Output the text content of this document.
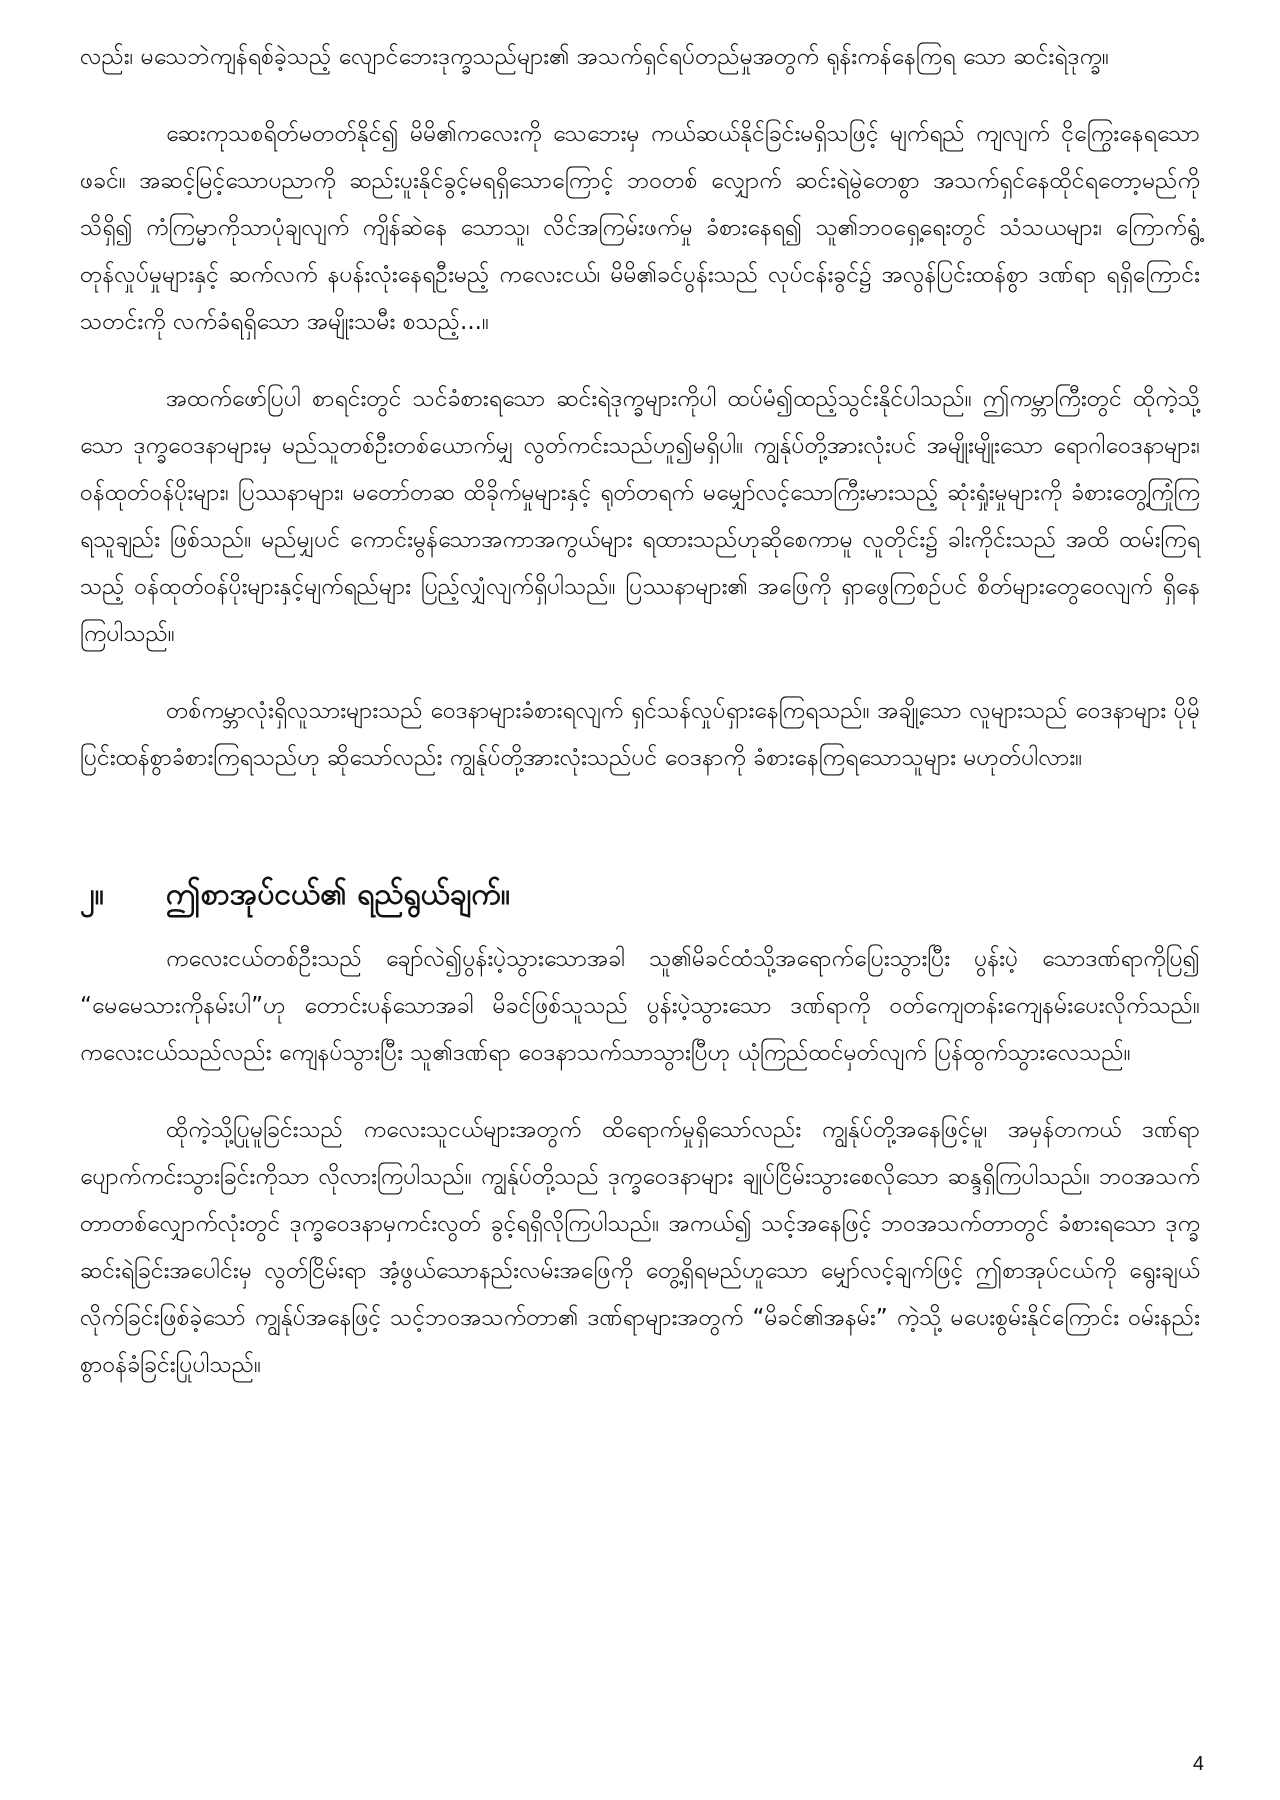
လည်း၊ မသေဘဲကျန်ရစ်ခဲ့သည့် လျောင်ဘေးဒုက္ခသည်များ၏ အသက်ရှင်ရပ်တည်မှုအတွက် ရုန်းကန်နေကြရ သော ဆင်းရဲဒုက္ခ။

ဆေးကုသစရိတ်မတတ်နိုင်၍ မိမိ၏ကလေးကို သေဘေးမှ ကယ်ဆယ်နိုင်ခြင်းမရှိသဖြင့် မျက်ရည် ကျလျက် ငိုကြွေးနေရသောဖခင်။ အဆင့်မြင့်သောပညာကို ဆည်းပူးနိုင်ခွင့်မရရှိသောကြောင့် ဘဝတစ် လျှောက် ဆင်းရဲမွဲတေစွာ အသက်ရှင်နေထိုင်ရတော့မည်ကိုသိရှိ၍ ကံကြမ္မာကိုသာပုံချလျက် ကျိန်ဆဲနေ သောသူ၊ လိင်အကြမ်းဖက်မှု ခံစားနေရ၍ သူ၏ဘဝရှေ့ရေးတွင် သံသယများ၊ ကြောက်ရွံ့တုန်လှုပ်မှုများနှင့် ဆက်လက် နပန်းလုံးနေရဦးမည့် ကလေးငယ်၊ မိမိ၏ခင်ပွန်းသည် လုပ်ငန်းခွင်၌ အလွန်ပြင်းထန်စွာ ဒဏ်ရာ ရရှိကြောင်းသတင်းကို လက်ခံရရှိသော အမျိုးသမီး စသည့်...။

အထက်ဖော်ပြပါ စာရင်းတွင် သင်ခံစားရသော ဆင်းရဲဒုက္ခများကိုပါ ထပ်မံ၍ထည့်သွင်းနိုင်ပါသည်။ ဤကမ္ဘာကြီးတွင် ထိုကဲ့သို့သော ဒုက္ခဝေဒနာများမှ မည်သူတစ်ဦးတစ်ယောက်မျှ လွတ်ကင်းသည်ဟူ၍မရှိပါ။ ကျွန်ုပ်တို့အားလုံးပင် အမျိုးမျိုးသော ရောဂါဝေဒနာများ၊ ဝန်ထုတ်ဝန်ပိုးများ၊ ပြဿနာများ၊ မတော်တဆ ထိခိုက်မှုများနှင့် ရုတ်တရက် မမျှော်လင့်သောကြီးမားသည့် ဆုံးရှုံးမှုများကို ခံစားတွေ့ကြုံကြရသူချည်း ဖြစ်သည်။ မည်မျှပင် ကောင်းမွန်သောအကာအကွယ်များ ရထားသည်ဟုဆိုစေကာမူ လူတိုင်း၌ ခါးကိုင်းသည် အထိ ထမ်းကြရသည့် ဝန်ထုတ်ဝန်ပိုးများနှင့်မျက်ရည်များ ပြည့်လျှံလျက်ရှိပါသည်။ ပြဿနာများ၏ အဖြေကို ရှာဖွေကြစဉ်ပင် စိတ်များတွေဝေလျက် ရှိနေကြပါသည်။

တစ်ကမ္ဘာလုံးရှိလူသားများသည် ဝေဒနာများခံစားရလျက် ရှင်သန်လှုပ်ရှားနေကြရသည်။ အချို့သော လူများသည် ဝေဒနာများ ပိုမိုပြင်းထန်စွာခံစားကြရသည်ဟု ဆိုသော်လည်း ကျွန်ုပ်တို့အားလုံးသည်ပင် ဝေဒနာကို ခံစားနေကြရသောသူများ မဟုတ်ပါလား။

၂။	ဤစာအုပ်ငယ်၏ ရည်ရွယ်ချက်။

ကလေးငယ်တစ်ဦးသည် ချော်လဲ၍ပွန်းပဲ့သွားသောအခါ သူ၏မိခင်ထံသို့အရောက်ပြေးသွားပြီး ပွန်းပဲ့ သောဒဏ်ရာကိုပြ၍ “မေမေသားကိုနမ်းပါ”ဟု တောင်းပန်သောအခါ မိခင်ဖြစ်သူသည် ပွန်းပဲ့သွားသော ဒဏ်ရာကို ဝတ်ကျေတန်းကျေနမ်းပေးလိုက်သည်။ ကလေးငယ်သည်လည်း ကျေနပ်သွားပြီး သူ၏ဒဏ်ရာ ဝေဒနာသက်သာသွားပြီဟု ယုံကြည်ထင်မှတ်လျက် ပြန်ထွက်သွားလေသည်။

ထိုကဲ့သို့ပြုမူခြင်းသည် ကလေးသူငယ်များအတွက် ထိရောက်မှုရှိသော်လည်း ကျွန်ုပ်တို့အနေဖြင့်မူ၊ အမှန်တကယ် ဒဏ်ရာပျောက်ကင်းသွားခြင်းကိုသာ လိုလားကြပါသည်။ ကျွန်ုပ်တို့သည် ဒုက္ခဝေဒနာများ ချုပ်ငြိမ်းသွားစေလိုသော ဆန္ဒရှိကြပါသည်။ ဘဝအသက်တာတစ်လျှောက်လုံးတွင် ဒုက္ခဝေဒနာမှကင်းလွတ် ခွင့်ရရှိလိုကြပါသည်။ အကယ်၍ သင့်အနေဖြင့် ဘဝအသက်တာတွင် ခံစားရသော ဒုက္ခဆင်းရဲခြင်းအပေါင်းမှ လွတ်ငြိမ်းရာ အံ့ဖွယ်သောနည်းလမ်းအဖြေကို တွေ့ရှိရမည်ဟူသော မျှော်လင့်ချက်ဖြင့် ဤစာအုပ်ငယ်ကို ရွေးချယ်လိုက်ခြင်းဖြစ်ခဲ့သော် ကျွန်ုပ်အနေဖြင့် သင့်ဘဝအသက်တာ၏ ဒဏ်ရာများအတွက် “မိခင်၏အနမ်း” ကဲ့သို့ မပေးစွမ်းနိုင်ကြောင်း ဝမ်းနည်းစွာဝန်ခံခြင်းပြုပါသည်။

4
